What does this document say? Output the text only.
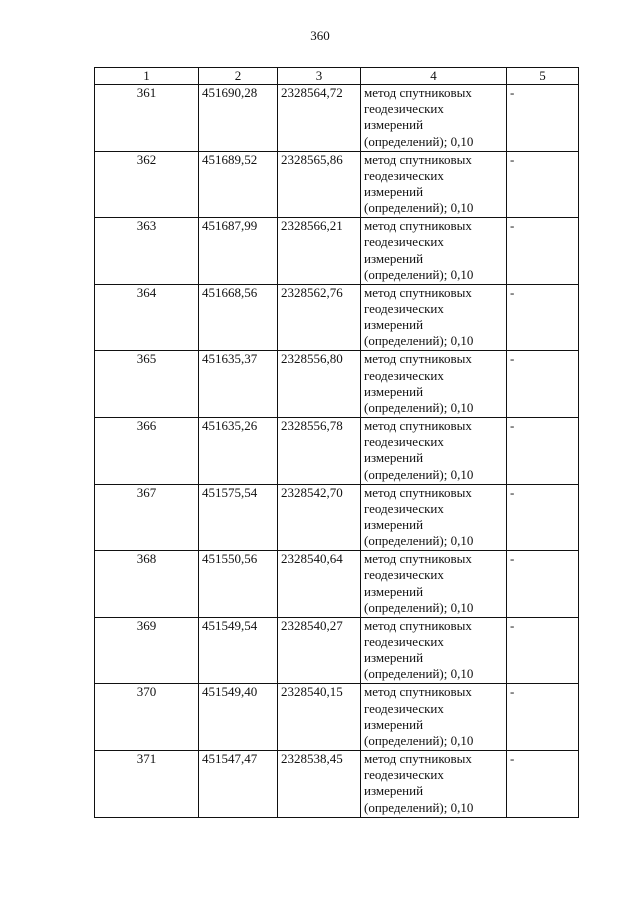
360
1	2	3	4	5
361	451690,28	2328564,72	метод спутниковых геодезических измерений (определений); 0,10	-
362	451689,52	2328565,86	метод спутниковых геодезических измерений (определений); 0,10	-
363	451687,99	2328566,21	метод спутниковых геодезических измерений (определений); 0,10	-
364	451668,56	2328562,76	метод спутниковых геодезических измерений (определений); 0,10	-
365	451635,37	2328556,80	метод спутниковых геодезических измерений (определений); 0,10	-
366	451635,26	2328556,78	метод спутниковых геодезических измерений (определений); 0,10	-
367	451575,54	2328542,70	метод спутниковых геодезических измерений (определений); 0,10	-
368	451550,56	2328540,64	метод спутниковых геодезических измерений (определений); 0,10	-
369	451549,54	2328540,27	метод спутниковых геодезических измерений (определений); 0,10	-
370	451549,40	2328540,15	метод спутниковых геодезических измерений (определений); 0,10	-
371	451547,47	2328538,45	метод спутниковых геодезических измерений (определений); 0,10	-
